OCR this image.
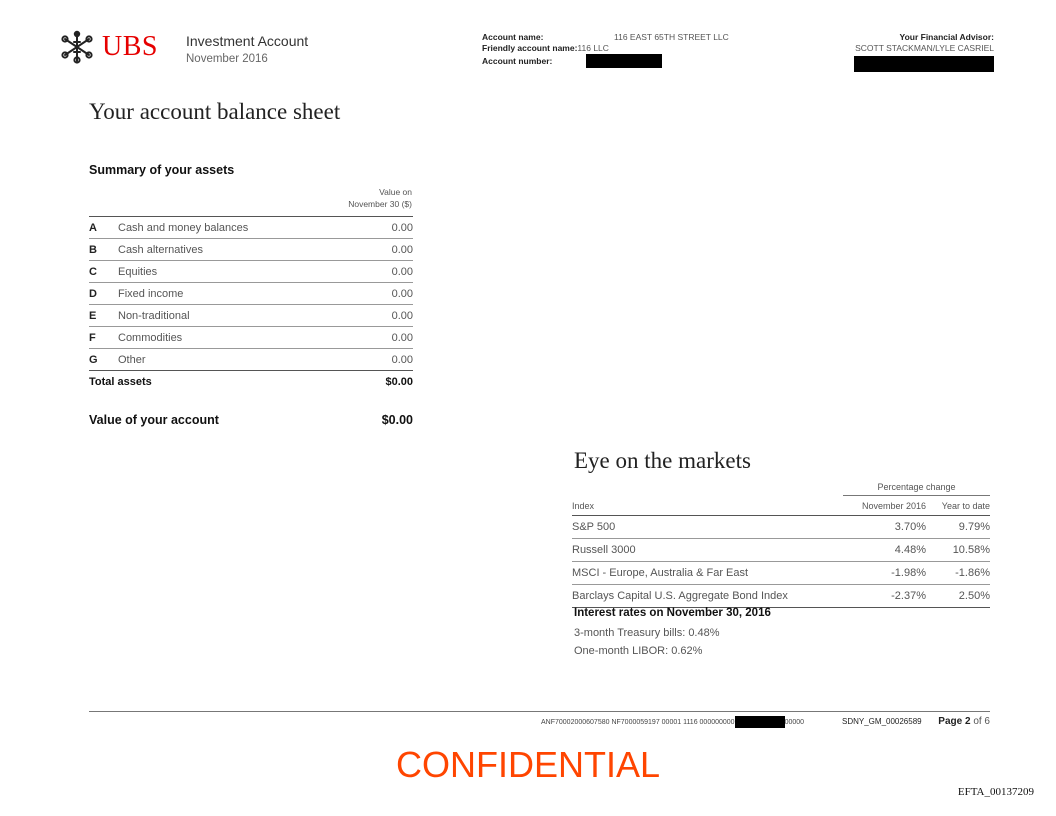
UBS Investment Account
November 2016
Account name:	116 EAST 65TH STREET LLC
Friendly account name: 116 LLC
Account number:
Your Financial Advisor:
SCOTT STACKMAN/LYLE CASRIEL
Your account balance sheet
Summary of your assets
Value on
November 30 ($)
A	Cash and money balances	0.00
B	Cash alternatives	0.00
C	Equities	0.00
D	Fixed income	0.00
E	Non-traditional	0.00
F	Commodities	0.00
G	Other	0.00
Total assets	$0.00
Value of your account	$0.00
Eye on the markets
Percentage change
Index	November 2016	Year to date
S&P 500	3.70%	9.79%
Russell 3000	4.48%	10.58%
MSCI - Europe, Australia & Far East	-1.98%	-1.86%
Barclays Capital U.S. Aggregate Bond Index	-2.37%	2.50%
Interest rates on November 30, 2016
3-month Treasury bills: 0.48%
One-month LIBOR: 0.62%
ANF70002000607580 NF7000059197 00001 1116 000000000	00000	SDNY_GM_00026589 Page 2 of 6
CONFIDENTIAL
EFTA_00137209
